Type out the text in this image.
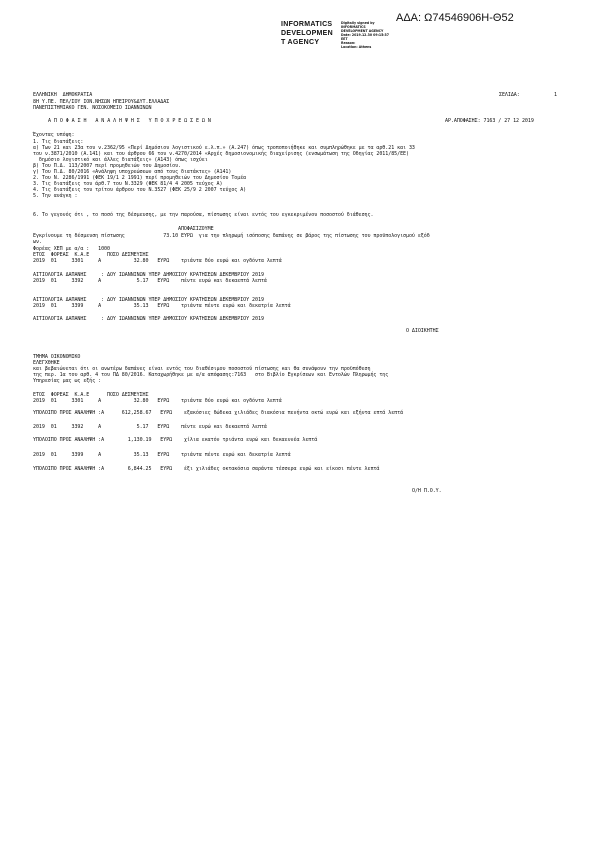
ΑΔΑ: Ω74546906Η-Θ52
INFORMATICS
DEVELOPMEN
T AGENCY
Digitally signed by
INFORMATICS
DEVELOPMENT AGENCY
Date: 2019.12.30 09:15:37
EET
Reason:
Location: Athens
ΕΛΛΗΝΙΚΗ  ΔΗΜΟΚΡΑΤΙΑ	ΣΕΛΙΔΑ:	1
8Η Υ.ΠΕ. ΠΕΛ/ΣΟΥ ΙΟΝ.ΝΗΣΩΝ ΗΠΕΙΡΟΥ&ΔΥΤ.ΕΛΛΑΔΑΣ
ΠΑΝΕΠΙΣΤΗΜΙΑΚΟ ΓΕΝ. ΝΟΣΟΚΟΜΕΙΟ ΙΩΑΝΝΙΝΩΝ
Α Π Ο Φ Α Σ Η   Α Ν Α Λ Η Ψ Η Σ   Υ Π Ο Χ Ρ Ε Ω Σ Ε Ω Ν	ΑΡ.ΑΠΟΦΑΣΗΣ: 7163 / 27 12 2019
Έχοντας υπόψη:
1. Τις διατάξεις:
α) Των 21 και 23α του ν.2362/95 «Περί Δημόσιου λογιστικού ε.λ.π.» (Α.247) όπως τροποποιήθηκε και συμπληρώθηκε με τα αρθ.21 και 33
του ν.3871/2010 (Α.141) και του άρθρου 66 του ν.4270/2014 «Αρχές δημοσιονομικής διαχείρισης (ενσωμάτωση της Οδηγίας 2011/85/ΕΕ)
δημόσιο λογιστικό και άλλες διατάξεις» (Α143) όπως ισχύει
β) Του Π.Δ. 113/2007 περί προμηθειών του Δημοσίου.
γ) Του Π.Δ. 80/2016 «Ανάληψη υποχρεώσεων από τους διατάκτες» (Α141)
2. Του Ν. 2286/1991 (ΦΕΚ 19/1 2 1991) περί προμηθειών του Δημοσίου Τομέα
3. Τις διατάξεις του άρθ.7 του Ν.3329 (ΦΕΚ 81/4 4 2005 τεύχος Α)
4. Τις διατάξεις του τρίτου άρθρου του Ν.3527 (ΦΕΚ 25/9 2 2007 τεύχος Α)
5. Την ανάγκη :
6. Το γεγονός ότι , το ποσό της δέσμευσης, με την παρούσα, πίστωσης είναι εντός του εγκεκριμένου ποσοστού διάθεσης.
ΑΠΟΦΑΣΙΖΟΥΜΕ
Εγκρίνουμε τη δέσμευση πίστωσης             73.10 ΕΥΡΩ  για την πληρωμή ισόποσης δαπάνης σε βάρος της πίστωσης του προϋπολογισμού εξόδ
ων.
Φορέας ΧΕΠ με α/α :   1000
ΕΤΟΣ  ΦΟΡΕΑΣ  Κ.Α.Ε      ΠΟΣΟ ΔΕΣΜΕΥΣΗΣ
2019  01     3301     Α           32.80   ΕΥΡΩ    τριάντα δύο ευρώ και ογδόντα λεπτά
ΑΙΤΙΟΛΟΓΙΑ ΔΑΠΑΝΗΣ     : ΔΟΥ ΙΩΑΝΝΙΝΩΝ ΥΠΕΡ ΔΗΜΟΣΙΟΥ ΚΡΑΤΗΣΕΩΝ ΔΕΚΕΜΒΡΙΟΥ 2019
2019  01     3392     Α            5.17   ΕΥΡΩ    πέντε ευρώ και δεκαεπτά λεπτά
ΑΙΤΙΟΛΟΓΙΑ ΔΑΠΑΝΗΣ     : ΔΟΥ ΙΩΑΝΝΙΝΩΝ ΥΠΕΡ ΔΗΜΟΣΙΟΥ ΚΡΑΤΗΣΕΩΝ ΔΕΚΕΜΒΡΙΟΥ 2019
2019  01     3399     Α           35.13   ΕΥΡΩ    τριάντα πέντε ευρώ και δεκατρία λεπτά
ΑΙΤΙΟΛΟΓΙΑ ΔΑΠΑΝΗΣ     : ΔΟΥ ΙΩΑΝΝΙΝΩΝ ΥΠΕΡ ΔΗΜΟΣΙΟΥ ΚΡΑΤΗΣΕΩΝ ΔΕΚΕΜΒΡΙΟΥ 2019
Ο ΔΙΟΙΚΗΤΗΣ
ΤΜΗΜΑ ΟΙΚΟΝΟΜΙΚΟ
ΕΛΕΓΧΘΗΚΕ
και βεβαιώνεται ότι οι ανωτέρω δαπάνες είναι εντός του διαθέσιμου ποσοστού πίστωσης και θα συνάψουν την προϋπόθεση
της περ. 1α του αρθ. 4 του ΠΔ 80/2016. Καταχωρήθηκε με α/α απόφασης:7163   στο Βιβλίο Εγκρίσεων και Εντολών Πληρωμής της
Υπηρεσίας μας ως εξής :
ΕΤΟΣ  ΦΟΡΕΑΣ  Κ.Α.Ε      ΠΟΣΟ ΔΕΣΜΕΥΣΗΣ
2019  01     3301     Α           32.80   ΕΥΡΩ    τριάντα δύο ευρώ και ογδόντα λεπτά
ΥΠΟΛΟΙΠΟ ΠΡΟΣ ΑΝΑΛΗΨΗ :Α      612,258.67   ΕΥΡΩ    εξακόσιες δώδεκα χιλιάδες διακόσια πενήντα οκτώ ευρώ και εξήντα επτά λεπτά
2019  01     3392     Α            5.17   ΕΥΡΩ    πέντε ευρώ και δεκαεπτά λεπτά
ΥΠΟΛΟΙΠΟ ΠΡΟΣ ΑΝΑΛΗΨΗ :Α        1,130.19   ΕΥΡΩ    χίλια εκατόν τριάντα ευρώ και δεκαεννέα λεπτά
2019  01     3399     Α           35.13   ΕΥΡΩ    τριάντα πέντε ευρώ και δεκατρία λεπτά
ΥΠΟΛΟΙΠΟ ΠΡΟΣ ΑΝΑΛΗΨΗ :Α        6,844.25   ΕΥΡΩ    έξι χιλιάδες οκτακόσια σαράντα τέσσερα ευρώ και είκοσι πέντε λεπτά
Ο/Η Π.Ο.Υ.
